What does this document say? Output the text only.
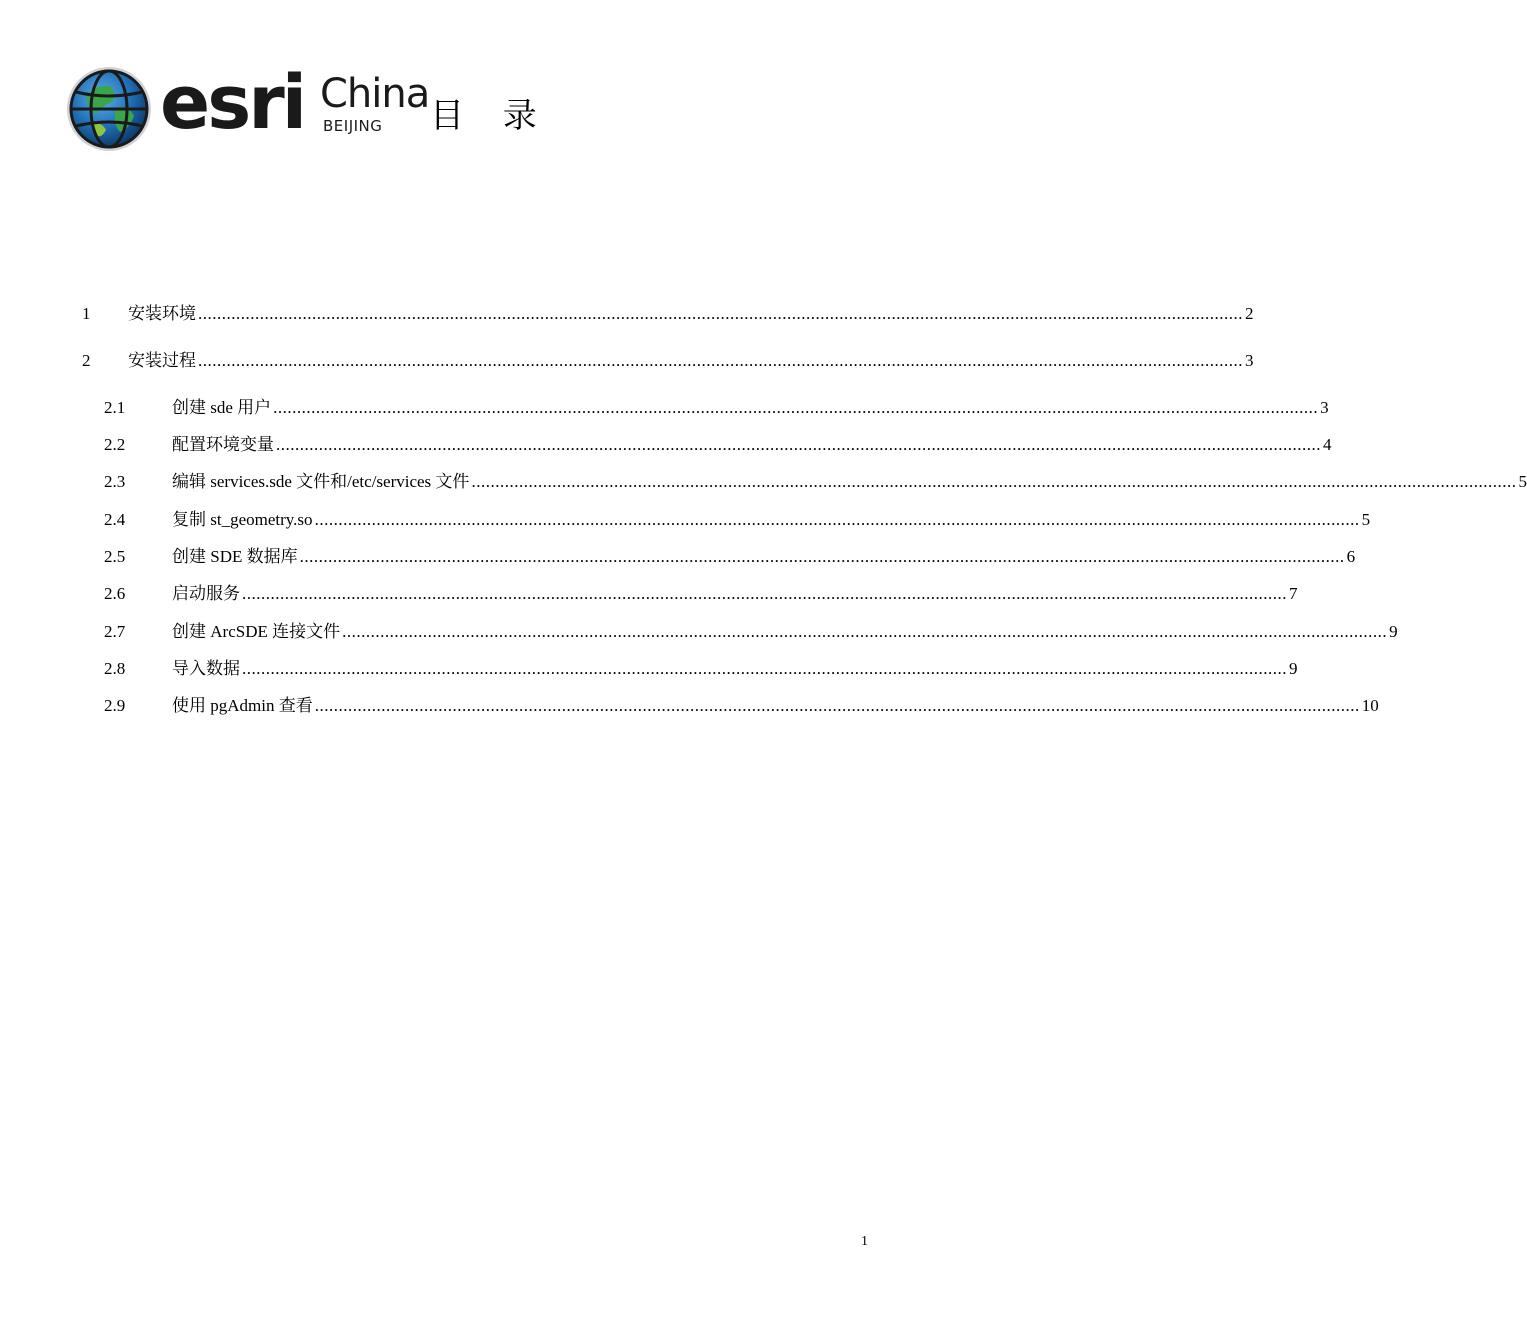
esri China
BEIJING 目 录
1 安装环境 ............................................................................................................................................................................................................................ 2
2 安装过程 ............................................................................................................................................................................................................................ 3
2.1	创建 sde 用户 ............................................................................................................................................................................................................................ 3
2.2	配置环境变量 ............................................................................................................................................................................................................................ 4
2.3	编辑 services.sde 文件和/etc/services 文件 ............................................................................................................................................................................................................................ 5
2.4	复制 st_geometry.so ............................................................................................................................................................................................................................ 5
2.5	创建 SDE 数据库 ............................................................................................................................................................................................................................ 6
2.6	启动服务 ............................................................................................................................................................................................................................ 7
2.7	创建 ArcSDE 连接文件 ............................................................................................................................................................................................................................ 9
2.8	导入数据 ............................................................................................................................................................................................................................ 9
2.9	使用 pgAdmin 查看 ............................................................................................................................................................................................................................ 10
1
